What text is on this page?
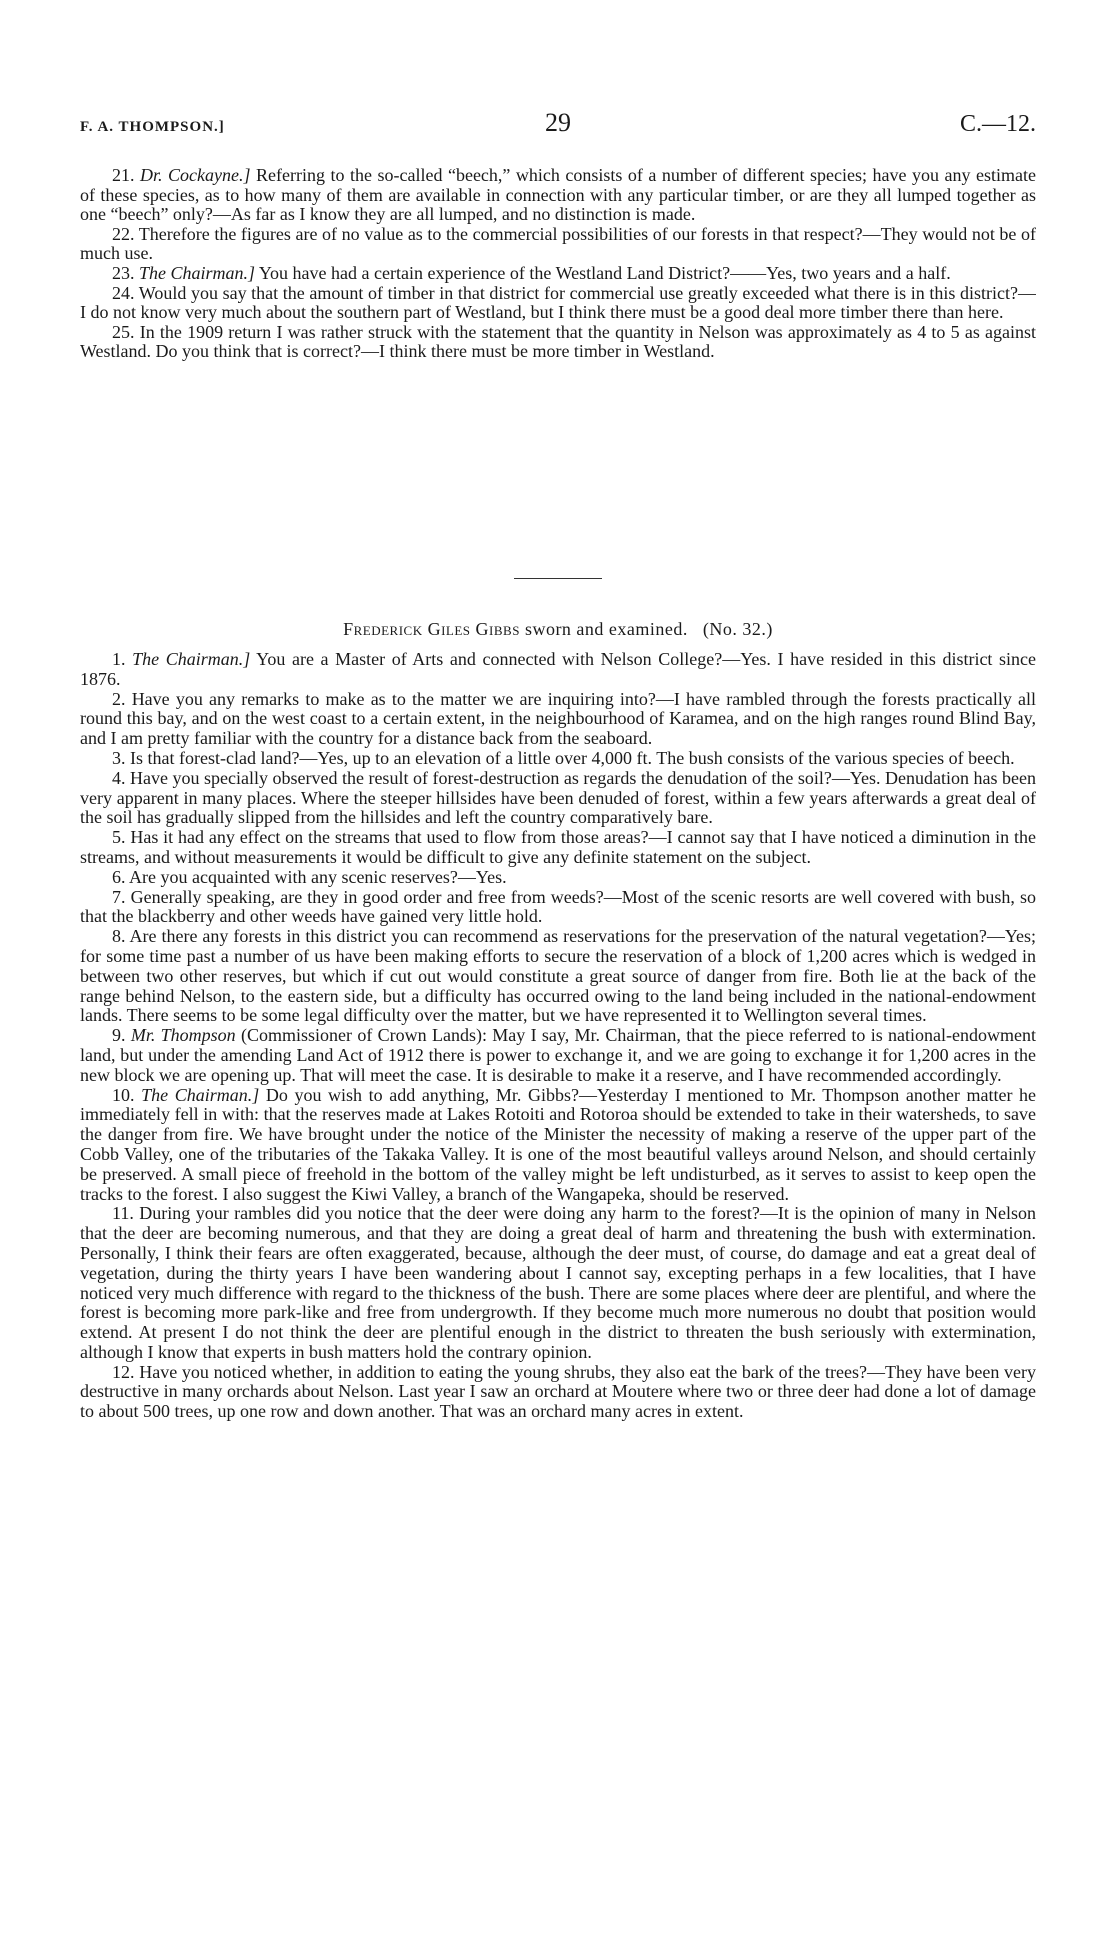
F. A. THOMPSON.]	29	C.—12.

21. Dr. Cockayne.] Referring to the so-called “beech,” which consists of a number of different species; have you any estimate of these species, as to how many of them are available in connection with any particular timber, or are they all lumped together as one “beech” only?—As far as I know they are all lumped, and no distinction is made.

22. Therefore the figures are of no value as to the commercial possibilities of our forests in that respect?—They would not be of much use.

23. The Chairman.] You have had a certain experience of the Westland Land District?——Yes, two years and a half.

24. Would you say that the amount of timber in that district for commercial use greatly exceeded what there is in this district?—I do not know very much about the southern part of Westland, but I think there must be a good deal more timber there than here.

25. In the 1909 return I was rather struck with the statement that the quantity in Nelson was approximately as 4 to 5 as against Westland. Do you think that is correct?—I think there must be more timber in Westland.

Frederick Giles Gibbs sworn and examined. (No. 32.)

1. The Chairman.] You are a Master of Arts and connected with Nelson College?—Yes. I have resided in this district since 1876.

2. Have you any remarks to make as to the matter we are inquiring into?—I have rambled through the forests practically all round this bay, and on the west coast to a certain extent, in the neighbourhood of Karamea, and on the high ranges round Blind Bay, and I am pretty familiar with the country for a distance back from the seaboard.

3. Is that forest-clad land?—Yes, up to an elevation of a little over 4,000 ft. The bush consists of the various species of beech.

4. Have you specially observed the result of forest-destruction as regards the denudation of the soil?—Yes. Denudation has been very apparent in many places. Where the steeper hillsides have been denuded of forest, within a few years afterwards a great deal of the soil has gradually slipped from the hillsides and left the country comparatively bare.

5. Has it had any effect on the streams that used to flow from those areas?—I cannot say that I have noticed a diminution in the streams, and without measurements it would be difficult to give any definite statement on the subject.

6. Are you acquainted with any scenic reserves?—Yes.

7. Generally speaking, are they in good order and free from weeds?—Most of the scenic resorts are well covered with bush, so that the blackberry and other weeds have gained very little hold.

8. Are there any forests in this district you can recommend as reservations for the preservation of the natural vegetation?—Yes; for some time past a number of us have been making efforts to secure the reservation of a block of 1,200 acres which is wedged in between two other reserves, but which if cut out would constitute a great source of danger from fire. Both lie at the back of the range behind Nelson, to the eastern side, but a difficulty has occurred owing to the land being included in the national-endowment lands. There seems to be some legal difficulty over the matter, but we have represented it to Wellington several times.

9. Mr. Thompson (Commissioner of Crown Lands): May I say, Mr. Chairman, that the piece referred to is national-endowment land, but under the amending Land Act of 1912 there is power to exchange it, and we are going to exchange it for 1,200 acres in the new block we are opening up. That will meet the case. It is desirable to make it a reserve, and I have recommended accordingly.

10. The Chairman.] Do you wish to add anything, Mr. Gibbs?—Yesterday I mentioned to Mr. Thompson another matter he immediately fell in with: that the reserves made at Lakes Rotoiti and Rotoroa should be extended to take in their watersheds, to save the danger from fire. We have brought under the notice of the Minister the necessity of making a reserve of the upper part of the Cobb Valley, one of the tributaries of the Takaka Valley. It is one of the most beautiful valleys around Nelson, and should certainly be preserved. A small piece of freehold in the bottom of the valley might be left undisturbed, as it serves to assist to keep open the tracks to the forest. I also suggest the Kiwi Valley, a branch of the Wangapeka, should be reserved.

11. During your rambles did you notice that the deer were doing any harm to the forest?—It is the opinion of many in Nelson that the deer are becoming numerous, and that they are doing a great deal of harm and threatening the bush with extermination. Personally, I think their fears are often exaggerated, because, although the deer must, of course, do damage and eat a great deal of vegetation, during the thirty years I have been wandering about I cannot say, excepting perhaps in a few localities, that I have noticed very much difference with regard to the thickness of the bush. There are some places where deer are plentiful, and where the forest is becoming more park-like and free from undergrowth. If they become much more numerous no doubt that position would extend. At present I do not think the deer are plentiful enough in the district to threaten the bush seriously with extermination, although I know that experts in bush matters hold the contrary opinion.

12. Have you noticed whether, in addition to eating the young shrubs, they also eat the bark of the trees?—They have been very destructive in many orchards about Nelson. Last year I saw an orchard at Moutere where two or three deer had done a lot of damage to about 500 trees, up one row and down another. That was an orchard many acres in extent.
